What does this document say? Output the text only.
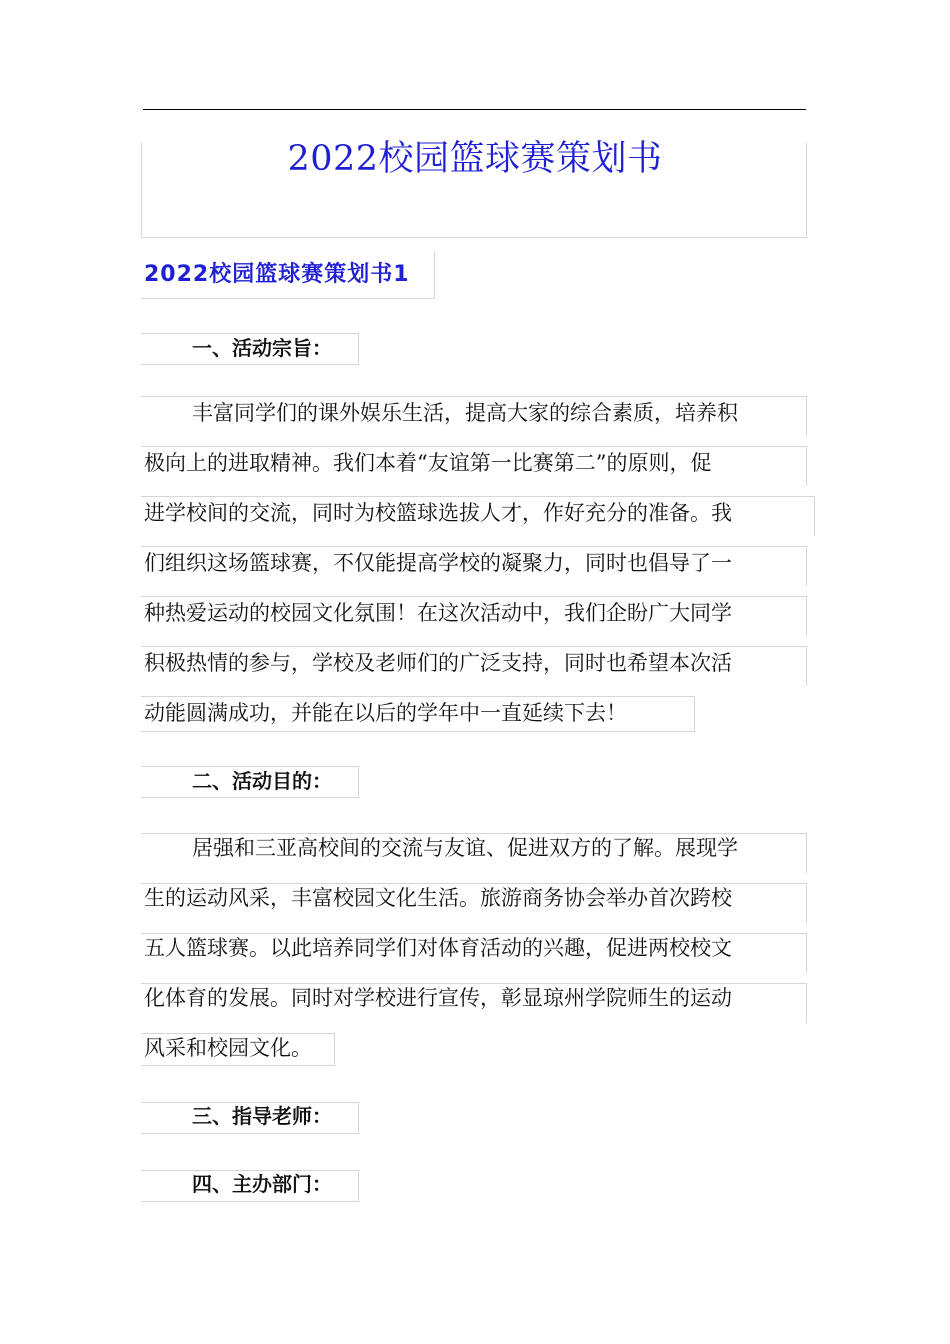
2022校园篮球赛策划书
2022校园篮球赛策划书1
一、活动宗旨：

丰富同学们的课外娱乐生活，提高大家的综合素质，培养积

极向上的进取精神。我们本着“友谊第一比赛第二”的原则，促

进学校间的交流，同时为校篮球选拔人才，作好充分的准备。我

们组织这场篮球赛，不仅能提高学校的凝聚力，同时也倡导了一

种热爱运动的校园文化氛围！在这次活动中，我们企盼广大同学

积极热情的参与，学校及老师们的广泛支持，同时也希望本次活

动能圆满成功，并能在以后的学年中一直延续下去！

二、活动目的：

居强和三亚高校间的交流与友谊、促进双方的了解。展现学

生的运动风采，丰富校园文化生活。旅游商务协会举办首次跨校

五人篮球赛。以此培养同学们对体育活动的兴趣，促进两校校文

化体育的发展。同时对学校进行宣传，彰显琼州学院师生的运动

风采和校园文化。

三、指导老师：
四、主办部门：
